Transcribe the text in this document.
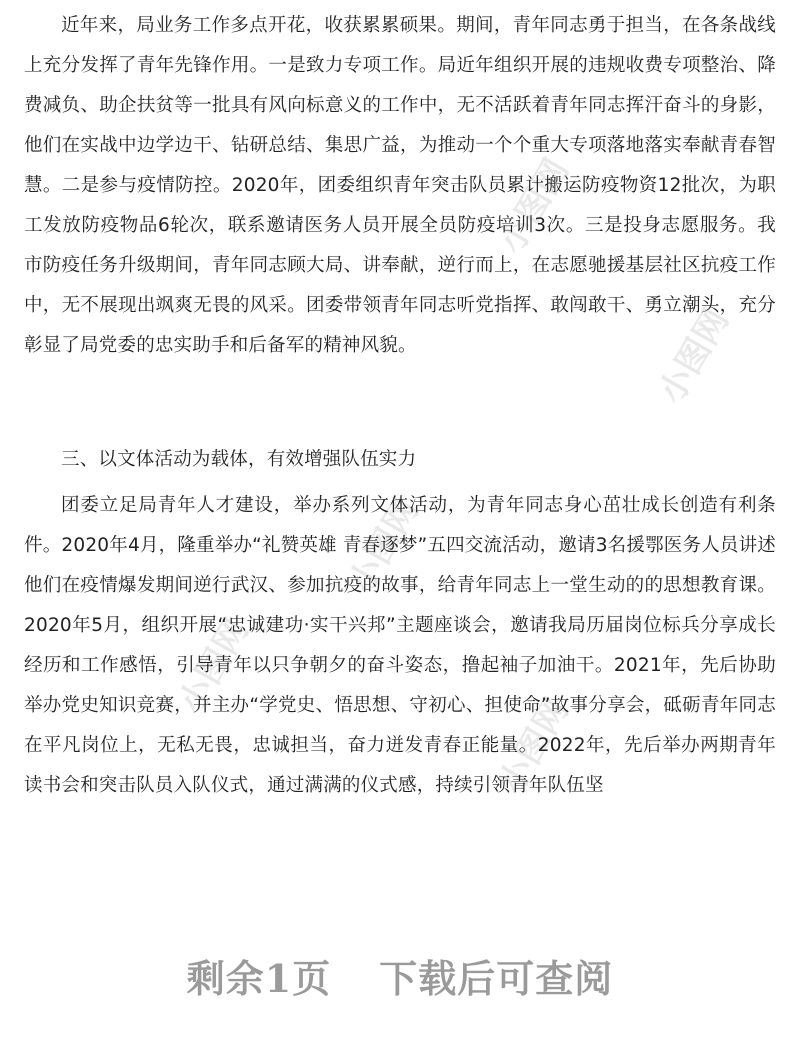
小图网
小图网
小图网
小图网
小图网

近年来，局业务工作多点开花，收获累累硕果。期间，青年同志勇于担当，在各条战线上充分发挥了青年先锋作用。一是致力专项工作。局近年组织开展的违规收费专项整治、降费减负、助企扶贫等一批具有风向标意义的工作中，无不活跃着青年同志挥汗奋斗的身影，他们在实战中边学边干、钻研总结、集思广益，为推动一个个重大专项落地落实奉献青春智慧。二是参与疫情防控。2020年，团委组织青年突击队员累计搬运防疫物资12批次，为职工发放防疫物品6轮次，联系邀请医务人员开展全员防疫培训3次。三是投身志愿服务。我市防疫任务升级期间，青年同志顾大局、讲奉献，逆行而上，在志愿驰援基层社区抗疫工作中，无不展现出飒爽无畏的风采。团委带领青年同志听党指挥、敢闯敢干、勇立潮头，充分彰显了局党委的忠实助手和后备军的精神风貌。

三、以文体活动为载体，有效增强队伍实力

团委立足局青年人才建设，举办系列文体活动，为青年同志身心茁壮成长创造有利条件。2020年4月，隆重举办“礼赞英雄 青春逐梦”五四交流活动，邀请3名援鄂医务人员讲述他们在疫情爆发期间逆行武汉、参加抗疫的故事，给青年同志上一堂生动的的思想教育课。2020年5月，组织开展“忠诚建功·实干兴邦”主题座谈会，邀请我局历届岗位标兵分享成长经历和工作感悟，引导青年以只争朝夕的奋斗姿态，撸起袖子加油干。2021年，先后协助举办党史知识竞赛，并主办“学党史、悟思想、守初心、担使命”故事分享会，砥砺青年同志在平凡岗位上，无私无畏，忠诚担当，奋力迸发青春正能量。2022年，先后举办两期青年读书会和突击队员入队仪式，通过满满的仪式感，持续引领青年队伍坚

剩余1页 下载后可查阅
